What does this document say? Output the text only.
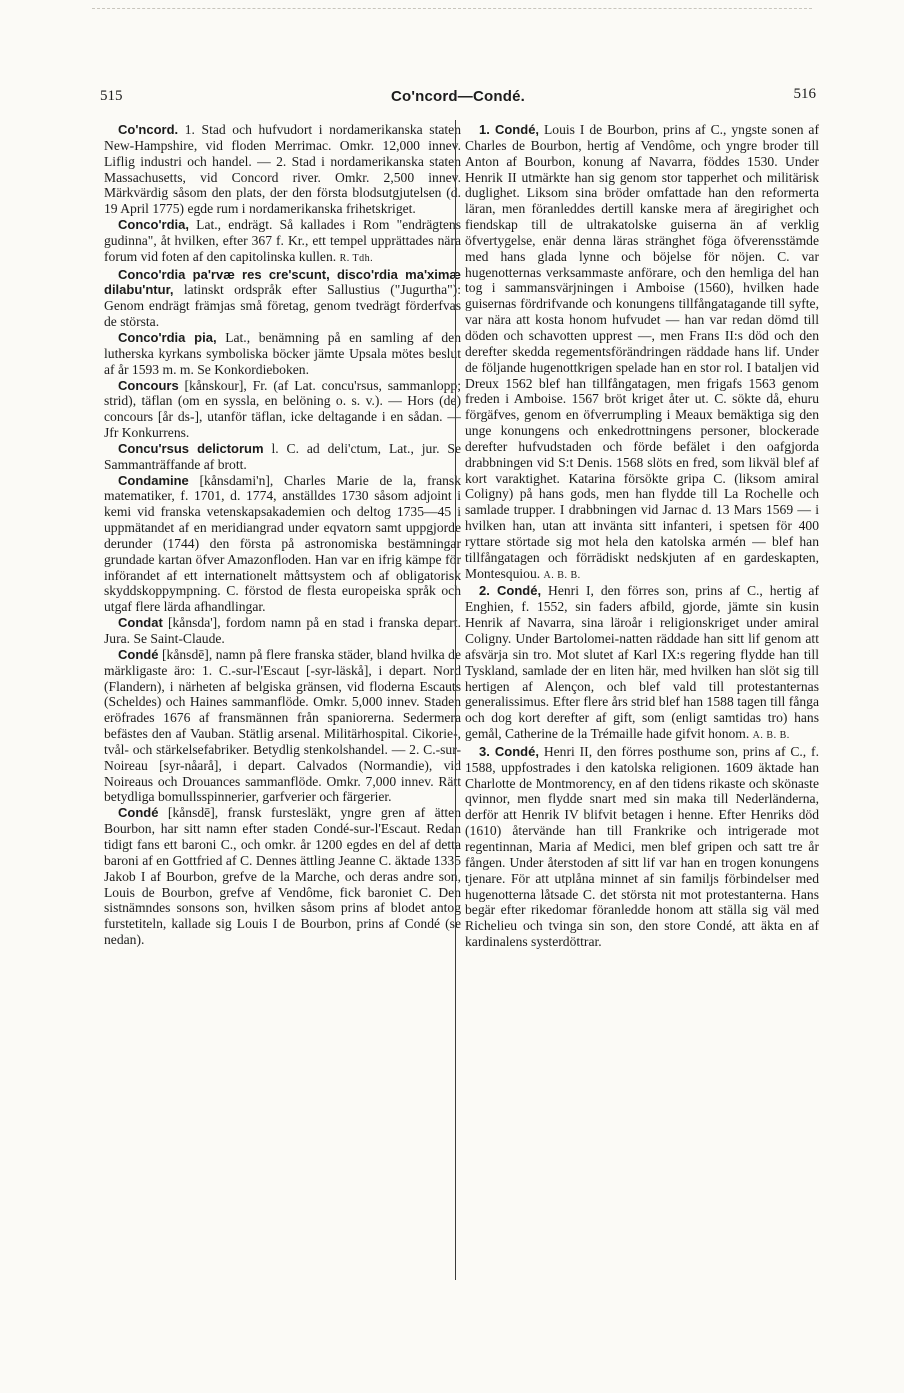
515	Co'ncord—Condé.	516

Co'ncord. 1. Stad och hufvudort i nordamerikanska staten New-Hampshire, vid floden Merrimac. Omkr. 12,000 innev. Liflig industri och handel. — 2. Stad i nordamerikanska staten Massachusetts, vid Concord river. Omkr. 2,500 innev. Märkvärdig såsom den plats, der den första blodsutgjutelsen (d. 19 April 1775) egde rum i nordamerikanska frihetskriget.

Conco'rdia, Lat., endrägt. Så kallades i Rom "endrägtens gudinna", åt hvilken, efter 367 f. Kr., ett tempel upprättades nära forum vid foten af den capitolinska kullen. R. Tdh.

Conco'rdia pa'rvæ res cre'scunt, disco'rdia ma'ximæ dilabu'ntur, latinskt ordspråk efter Sallustius ("Jugurtha"): Genom endrägt främjas små företag, genom tvedrägt förderfvas de största.

Conco'rdia pia, Lat., benämning på en samling af den lutherska kyrkans symboliska böcker jämte Upsala mötes beslut af år 1593 m. m. Se Konkordieboken.

Concours [kånskour], Fr. (af Lat. concu'rsus, sammanlopp; strid), täflan (om en syssla, en belöning o. s. v.). — Hors (de) concours [år ds-], utanför täflan, icke deltagande i en sådan. — Jfr Konkurrens.

Concu'rsus delictorum l. C. ad deli'ctum, Lat., jur. Se Sammanträffande af brott.

Condamine [kånsdami'n], Charles Marie de la, fransk matematiker, f. 1701, d. 1774, anställdes 1730 såsom adjoint i kemi vid franska vetenskapsakademien och deltog 1735—45 i uppmätandet af en meridiangrad under eqvatorn samt uppgjorde derunder (1744) den första på astronomiska bestämningar grundade kartan öfver Amazonfloden. Han var en ifrig kämpe för införandet af ett internationelt måttsystem och af obligatorisk skyddskoppympning. C. förstod de flesta europeiska språk och utgaf flere lärda afhandlingar.

Condat [kånsda'], fordom namn på en stad i franska depart. Jura. Se Saint-Claude.

Condé [kånsdē], namn på flere franska städer, bland hvilka de märkligaste äro: 1. C.-sur-l'Escaut [-syr-läskå], i depart. Nord (Flandern), i närheten af belgiska gränsen, vid floderna Escauts (Scheldes) och Haines sammanflöde. Omkr. 5,000 innev. Staden eröfrades 1676 af fransmännen från spaniorerna. Sedermera befästes den af Vauban. Stätlig arsenal. Militärhospital. Cikorie-, tvål- och stärkelsefabriker. Betydlig stenkolshandel. — 2. C.-sur-Noireau [syr-nåarå], i depart. Calvados (Normandie), vid Noireaus och Drouances sammanflöde. Omkr. 7,000 innev. Rätt betydliga bomullsspinnerier, garfverier och färgerier.

Condé [kånsdē], fransk furstesläkt, yngre gren af ätten Bourbon, har sitt namn efter staden Condé-sur-l'Escaut. Redan tidigt fans ett baroni C., och omkr. år 1200 egdes en del af detta baroni af en Gottfried af C. Dennes ättling Jeanne C. äktade 1335 Jakob I af Bourbon, grefve de la Marche, och deras andre son, Louis de Bourbon, grefve af Vendôme, fick baroniet C. Den sistnämndes sonsons son, hvilken såsom prins af blodet antog furstetiteln, kallade sig Louis I de Bourbon, prins af Condé (se nedan).

1. Condé, Louis I de Bourbon, prins af C., yngste sonen af Charles de Bourbon, hertig af Vendôme, och yngre broder till Anton af Bourbon, konung af Navarra, föddes 1530. Under Henrik II utmärkte han sig genom stor tapperhet och militärisk duglighet. Liksom sina bröder omfattade han den reformerta läran, men föranleddes dertill kanske mera af äregirighet och fiendskap till de ultrakatolske guiserna än af verklig öfvertygelse, enär denna läras stränghet föga öfverensstämde med hans glada lynne och böjelse för nöjen. C. var hugenotternas verksammaste anförare, och den hemliga del han tog i sammansvärjningen i Amboise (1560), hvilken hade guisernas fördrifvande och konungens tillfångatagande till syfte, var nära att kosta honom hufvudet — han var redan dömd till döden och schavotten upprest —, men Frans II:s död och den derefter skedda regementsförändringen räddade hans lif. Under de följande hugenottkrigen spelade han en stor rol. I batalјen vid Dreux 1562 blef han tillfångatagen, men frigafs 1563 genom freden i Amboise. 1567 bröt kriget åter ut. C. sökte då, ehuru förgäfves, genom en öfverrumpling i Meaux bemäktiga sig den unge konungens och enkedrottningens personer, blockerade derefter hufvudstaden och förde befälet i den oafgjorda drabbningen vid S:t Denis. 1568 slöts en fred, som likväl blef af kort varaktighet. Katarina försökte gripa C. (liksom amiral Coligny) på hans gods, men han flydde till La Rochelle och samlade trupper. I drabbningen vid Jarnac d. 13 Mars 1569 — i hvilken han, utan att invänta sitt infanteri, i spetsen för 400 ryttare störtade sig mot hela den katolska armén — blef han tillfångatagen och förrädiskt nedskjuten af en gardeskapten, Montesquiou. A. B. B.

2. Condé, Henri I, den förres son, prins af C., hertig af Enghien, f. 1552, sin faders afbild, gjorde, jämte sin kusin Henrik af Navarra, sina läroår i religionskriget under amiral Coligny. Under Bartolomei-natten räddade han sitt lif genom att afsvärja sin tro. Mot slutet af Karl IX:s regering flydde han till Tyskland, samlade der en liten här, med hvilken han slöt sig till hertigen af Alençon, och blef vald till protestanternas generalissimus. Efter flere års strid blef han 1588 tagen till fånga och dog kort derefter af gift, som (enligt samtidas tro) hans gemål, Catherine de la Trémaille hade gifvit honom. A. B. B.

3. Condé, Henri II, den förres posthume son, prins af C., f. 1588, uppfostrades i den katolska religionen. 1609 äktade han Charlotte de Montmorency, en af den tidens rikaste och skönaste qvinnor, men flydde snart med sin maka till Nederländerna, derför att Henrik IV blifvit betagen i henne. Efter Henriks död (1610) återvände han till Frankrike och intrigerade mot regentinnan, Maria af Medici, men blef gripen och satt tre år fången. Under återstoden af sitt lif var han en trogen konungens tjenare. För att utplåna minnet af sin familjs förbindelser med hugenotterna låtsade C. det största nit mot protestanterna. Hans begär efter rikedomar föranledde honom att ställa sig väl med Richelieu och tvinga sin son, den store Condé, att äkta en af kardinalens systerdöttrar.
